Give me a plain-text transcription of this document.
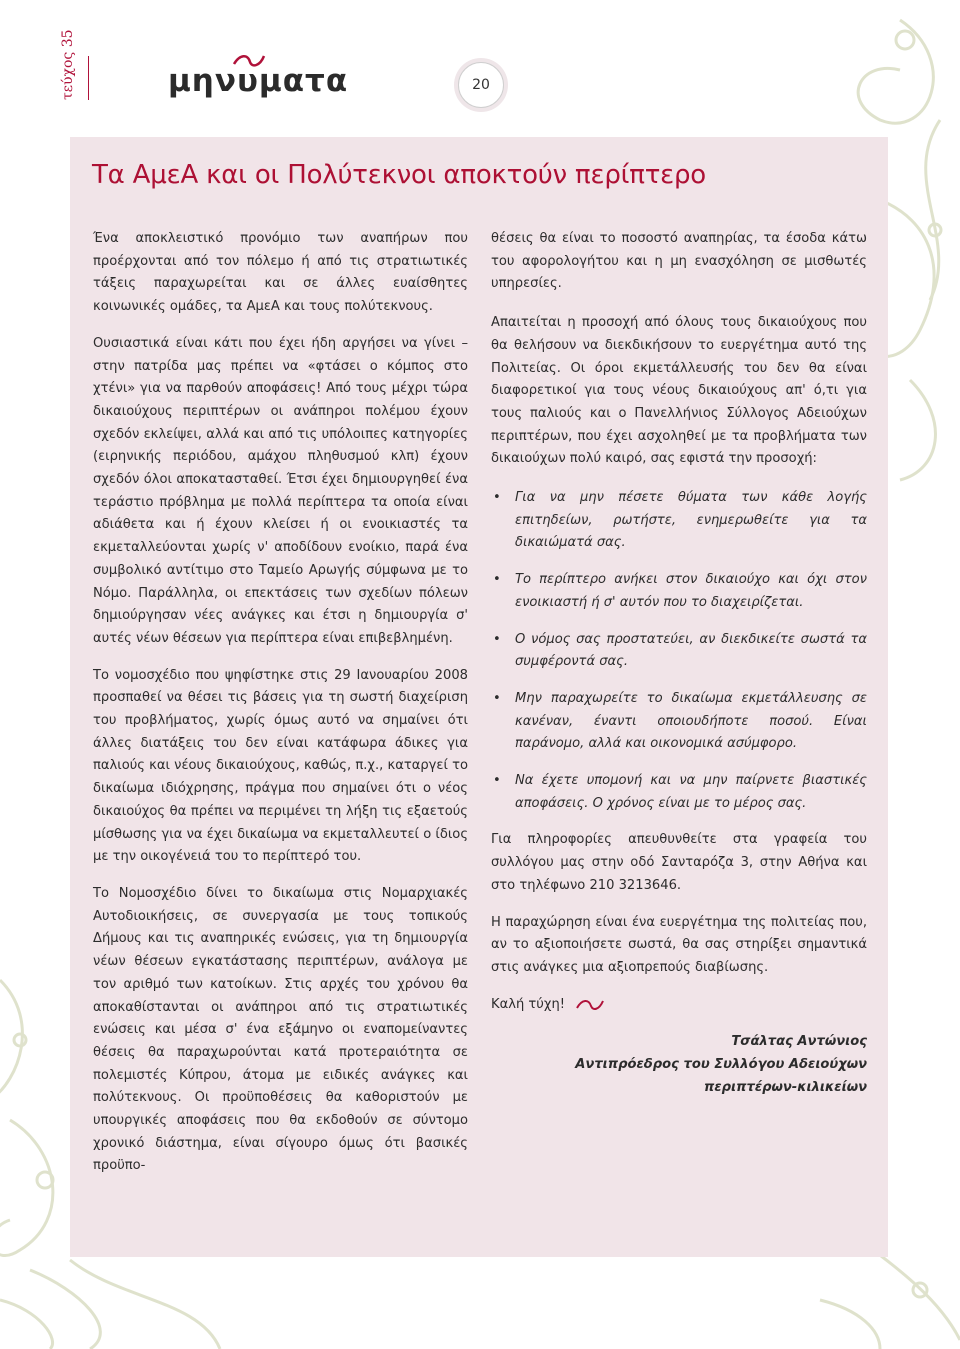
τεύχος 35	μηνυματα	20
Τα ΑμεΑ και οι Πολύτεκνοι αποκτούν περίπτερο

Ένα αποκλειστικό προνόμιο των αναπήρων που προέρχονται από τον πόλεμο ή από τις στρατιωτικές τάξεις παραχωρείται και σε άλλες ευαίσθητες κοινωνικές ομάδες, τα ΑμεΑ και τους πολύτεκνους.

Ουσιαστικά είναι κάτι που έχει ήδη αργήσει να γίνει – στην πατρίδα μας πρέπει να «φτάσει ο κόμπος στο χτένι» για να παρθούν αποφάσεις! Από τους μέχρι τώρα δικαιούχους περιπτέρων οι ανάπηροι πολέμου έχουν σχεδόν εκλείψει, αλλά και από τις υπόλοιπες κατηγορίες (ειρηνικής περιόδου, αμάχου πληθυσμού κλπ) έχουν σχεδόν όλοι αποκατασταθεί. Έτσι έχει δημιουργηθεί ένα τεράστιο πρόβλημα με πολλά περίπτερα τα οποία είναι αδιάθετα και ή έχουν κλείσει ή οι ενοικιαστές τα εκμεταλλεύονται χωρίς ν' αποδίδουν ενοίκιο, παρά ένα συμβολικό αντίτιμο στο Ταμείο Αρωγής σύμφωνα με το Νόμο. Παράλληλα, οι επεκτάσεις των σχεδίων πόλεων δημιούργησαν νέες ανάγκες και έτσι η δημιουργία σ' αυτές νέων θέσεων για περίπτερα είναι επιβεβλημένη.

Το νομοσχέδιο που ψηφίστηκε στις 29 Ιανουαρίου 2008 προσπαθεί να θέσει τις βάσεις για τη σωστή διαχείριση του προβλήματος, χωρίς όμως αυτό να σημαίνει ότι άλλες διατάξεις του δεν είναι κατάφωρα άδικες για παλιούς και νέους δικαιούχους, καθώς, π.χ., καταργεί το δικαίωμα ιδιόχρησης, πράγμα που σημαίνει ότι ο νέος δικαιούχος θα πρέπει να περιμένει τη λήξη τις εξαετούς μίσθωσης για να έχει δικαίωμα να εκμεταλλευτεί ο ίδιος με την οικογένειά του το περίπτερό του.

Το Νομοσχέδιο δίνει το δικαίωμα στις Νομαρχιακές Αυτοδιοικήσεις, σε συνεργασία με τους τοπικούς Δήμους και τις αναπηρικές ενώσεις, για τη δημιουργία νέων θέσεων εγκατάστασης περιπτέρων, ανάλογα με τον αριθμό των κατοίκων. Στις αρχές του χρόνου θα αποκαθίστανται οι ανάπηροι από τις στρατιωτικές ενώσεις και μέσα σ' ένα εξάμηνο οι εναπομείναντες θέσεις θα παραχωρούνται κατά προτεραιότητα σε πολεμιστές Κύπρου, άτομα με ειδικές ανάγκες και πολύτεκνους. Οι προϋποθέσεις θα καθοριστούν με υπουργικές αποφάσεις που θα εκδοθούν σε σύντομο χρονικό διάστημα, είναι σίγουρο όμως ότι βασικές προϋπο-

θέσεις θα είναι το ποσοστό αναπηρίας, τα έσοδα κάτω του αφορολογήτου και η μη ενασχόληση σε μισθωτές υπηρεσίες.

Απαιτείται η προσοχή από όλους τους δικαιούχους που θα θελήσουν να διεκδικήσουν το ευεργέτημα αυτό της Πολιτείας. Οι όροι εκμετάλλευσής του δεν θα είναι διαφορετικοί για τους νέους δικαιούχους απ' ό,τι για τους παλιούς και ο Πανελλήνιος Σύλλογος Αδειούχων περιπτέρων, που έχει ασχοληθεί με τα προβλήματα των δικαιούχων πολύ καιρό, σας εφιστά την προσοχή:

• Για να μην πέσετε θύματα των κάθε λογής επιτηδείων, ρωτήστε, ενημερωθείτε για τα δικαιώματά σας.
• Το περίπτερο ανήκει στον δικαιούχο και όχι στον ενοικιαστή ή σ' αυτόν που το διαχειρίζεται.
• Ο νόμος σας προστατεύει, αν διεκδικείτε σωστά τα συμφέροντά σας.
• Μην παραχωρείτε το δικαίωμα εκμετάλλευσης σε κανέναν, έναντι οποιουδήποτε ποσού. Είναι παράνομο, αλλά και οικονομικά ασύμφορο.
• Να έχετε υπομονή και να μην παίρνετε βιαστικές αποφάσεις. Ο χρόνος είναι με το μέρος σας.

Για πληροφορίες απευθυνθείτε στα γραφεία του συλλόγου μας στην οδό Σανταρόζα 3, στην Αθήνα και στο τηλέφωνο 210 3213646.

Η παραχώρηση είναι ένα ευεργέτημα της πολιτείας που, αν το αξιοποιήσετε σωστά, θα σας στηρίξει σημαντικά στις ανάγκες μια αξιοπρεπούς διαβίωσης.

Καλή τύχη!
Τσάλτας Αντώνιος
Αντιπρόεδρος του Συλλόγου Αδειούχων
περιπτέρων-κιλικείων
